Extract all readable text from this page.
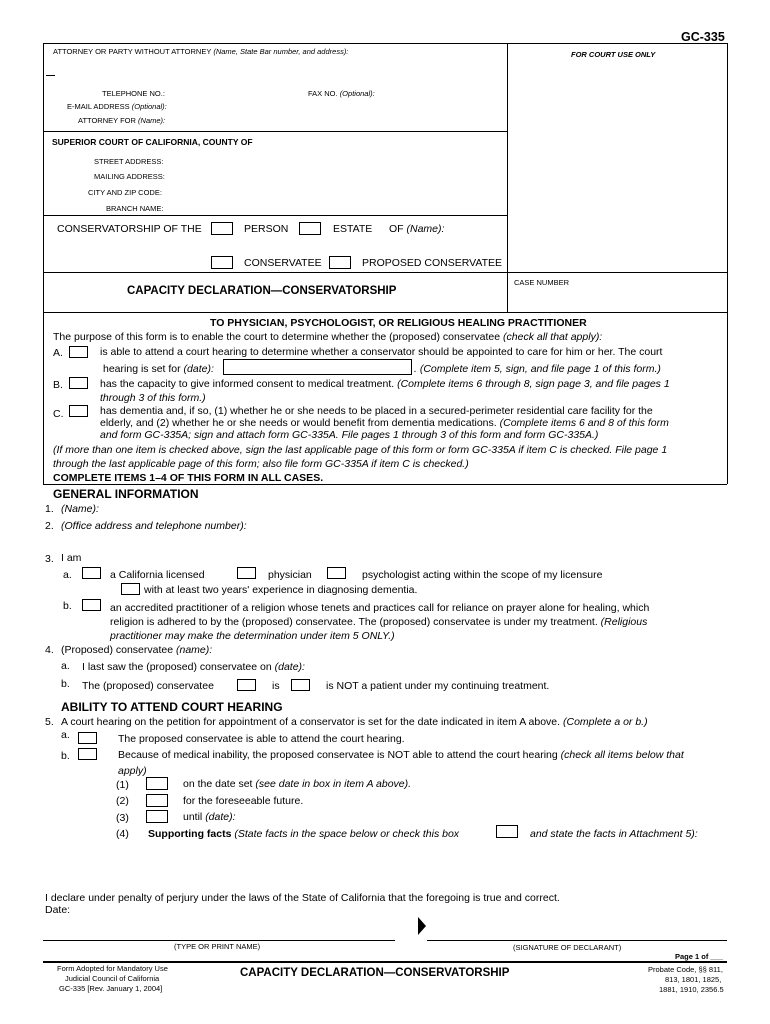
GC-335
ATTORNEY OR PARTY WITHOUT ATTORNEY (Name, State Bar number, and address):	FOR COURT USE ONLY
TELEPHONE NO.:	FAX NO. (Optional):
E-MAIL ADDRESS (Optional):
ATTORNEY FOR (Name):
SUPERIOR COURT OF CALIFORNIA, COUNTY OF
STREET ADDRESS:
MAILING ADDRESS:
CITY AND ZIP CODE:
BRANCH NAME:
CONSERVATORSHIP OF THE	PERSON	ESTATE OF (Name):
CONSERVATEE	PROPOSED CONSERVATEE
CAPACITY DECLARATION—CONSERVATORSHIP
CASE NUMBER
TO PHYSICIAN, PSYCHOLOGIST, OR RELIGIOUS HEALING PRACTITIONER
The purpose of this form is to enable the court to determine whether the (proposed) conservatee (check all that apply):
A.	is able to attend a court hearing to determine whether a conservator should be appointed to care for him or her. The court
hearing is set for (date):	. (Complete item 5, sign, and file page 1 of this form.)
B.	has the capacity to give informed consent to medical treatment. (Complete items 6 through 8, sign page 3, and file pages 1
through 3 of this form.)
C.	has dementia and, if so, (1) whether he or she needs to be placed in a secured-perimeter residential care facility for the
elderly, and (2) whether he or she needs or would benefit from dementia medications. (Complete items 6 and 8 of this form
and form GC-335A; sign and attach form GC-335A. File pages 1 through 3 of this form and form GC-335A.)
(If more than one item is checked above, sign the last applicable page of this form or form GC-335A if item C is checked. File page 1
through the last applicable page of this form; also file form GC-335A if item C is checked.)
COMPLETE ITEMS 1–4 OF THIS FORM IN ALL CASES.
GENERAL INFORMATION
1. (Name):
2. (Office address and telephone number):
3. I am
a.	a California licensed	physician	psychologist acting within the scope of my licensure
with at least two years' experience in diagnosing dementia.
b.	an accredited practitioner of a religion whose tenets and practices call for reliance on prayer alone for healing, which
religion is adhered to by the (proposed) conservatee. The (proposed) conservatee is under my treatment. (Religious
practitioner may make the determination under item 5 ONLY.)
4. (Proposed) conservatee (name):
a. I last saw the (proposed) conservatee on (date):
b. The (proposed) conservatee	is	is NOT a patient under my continuing treatment.
ABILITY TO ATTEND COURT HEARING
5. A court hearing on the petition for appointment of a conservator is set for the date indicated in item A above. (Complete a or b.)
a.	The proposed conservatee is able to attend the court hearing.
b.	Because of medical inability, the proposed conservatee is NOT able to attend the court hearing (check all items below that
apply)
(1)	on the date set (see date in box in item A above).
(2)	for the foreseeable future.
(3)	until (date):
(4) Supporting facts (State facts in the space below or check this box	and state the facts in Attachment 5):
I declare under penalty of perjury under the laws of the State of California that the foregoing is true and correct.
Date:
(TYPE OR PRINT NAME)	(SIGNATURE OF DECLARANT)
Page 1 of ___
Form Adopted for Mandatory Use
Judicial Council of California
GC-335 [Rev. January 1, 2004]
CAPACITY DECLARATION—CONSERVATORSHIP	Probate Code, §§ 811,
813, 1801, 1825,
1881, 1910, 2356.5
